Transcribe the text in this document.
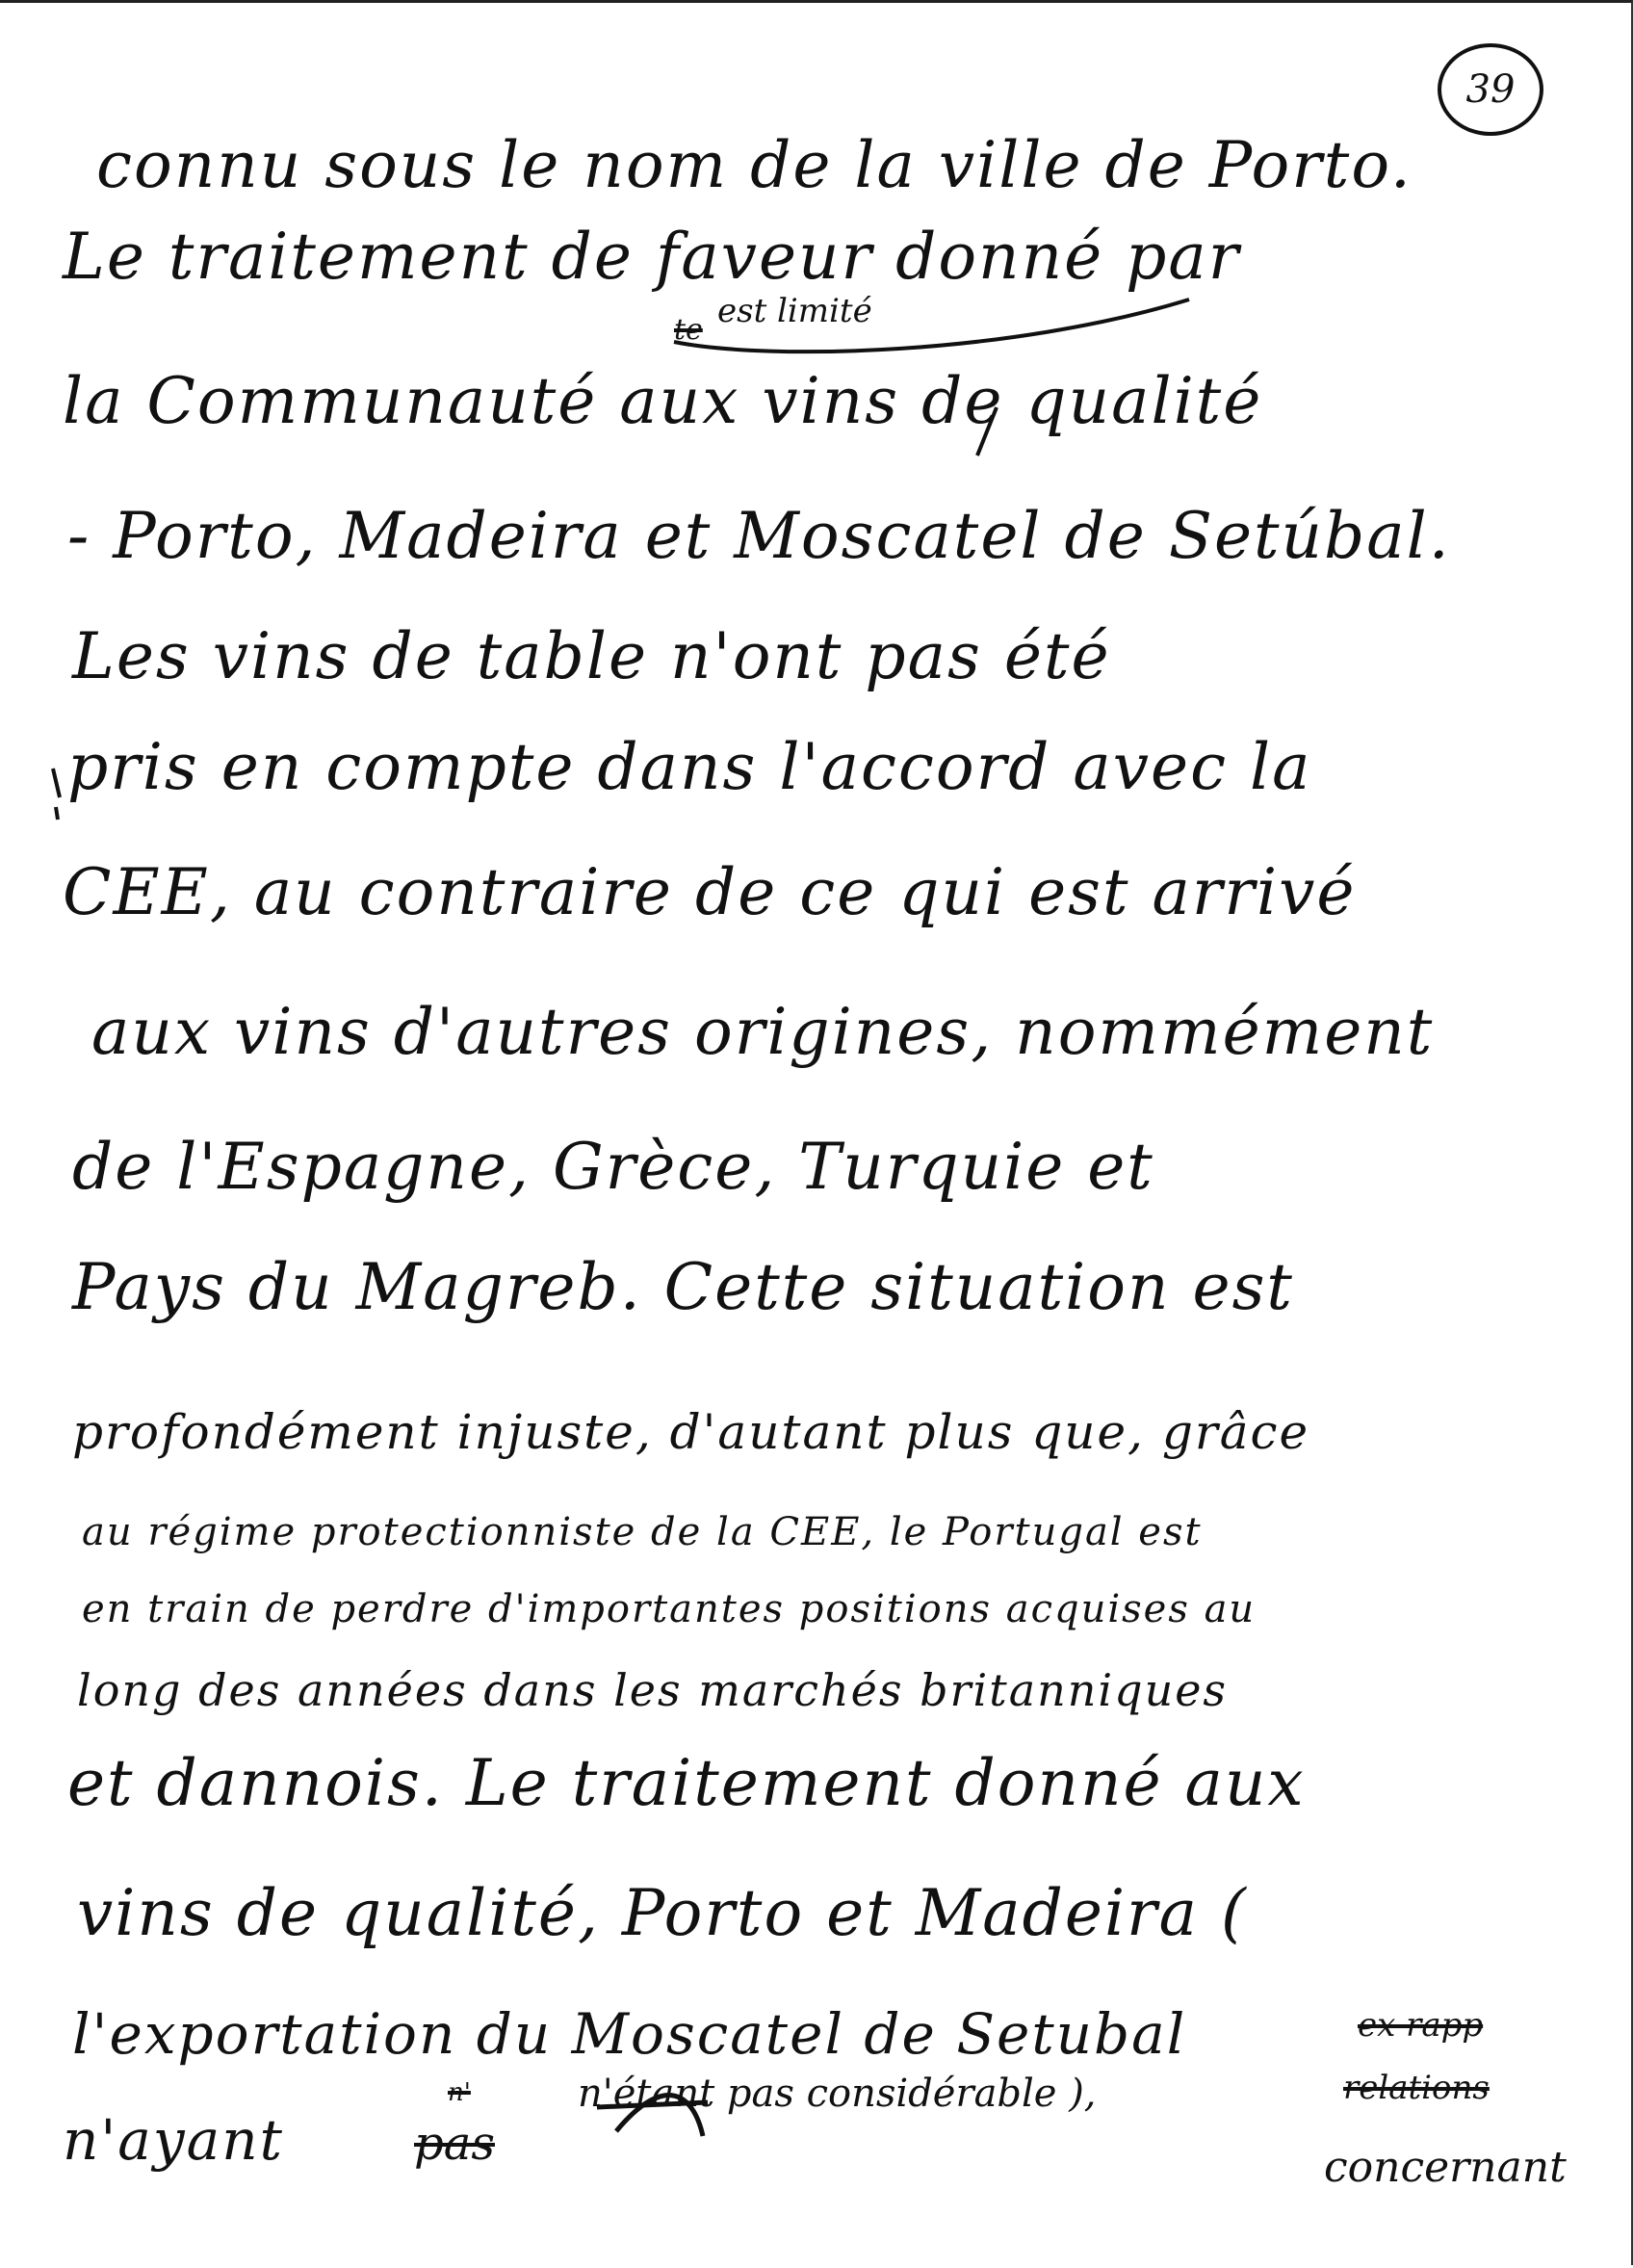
39
connu sous le nom de la ville de Porto.
est limité
te
Le traitement de faveur donné par
la Communauté aux vins de qualité
- Porto, Madeira et Moscatel de Setúbal.
Les vins de table n'ont pas été
pris en compte dans l'accord avec la
CEE, au contraire de ce qui est arrivé
aux vins d'autres origines, nommément
de l'Espagne, Grèce, Turquie et
Pays du Magreb. Cette situation est
profondément injuste, d'autant plus que, grâce
au régime protectionniste de la CEE, le Portugal est
en train de perdre d'importantes positions acquises au
long des années dans les marchés britanniques
et dannois. Le traitement donné aux
vins de qualité, Porto et Madeira (
l'exportation du Moscatel de Setubal
n'	n'étant pas considérable ),
n'ayant	pas
ex rapp
relations
concernant
